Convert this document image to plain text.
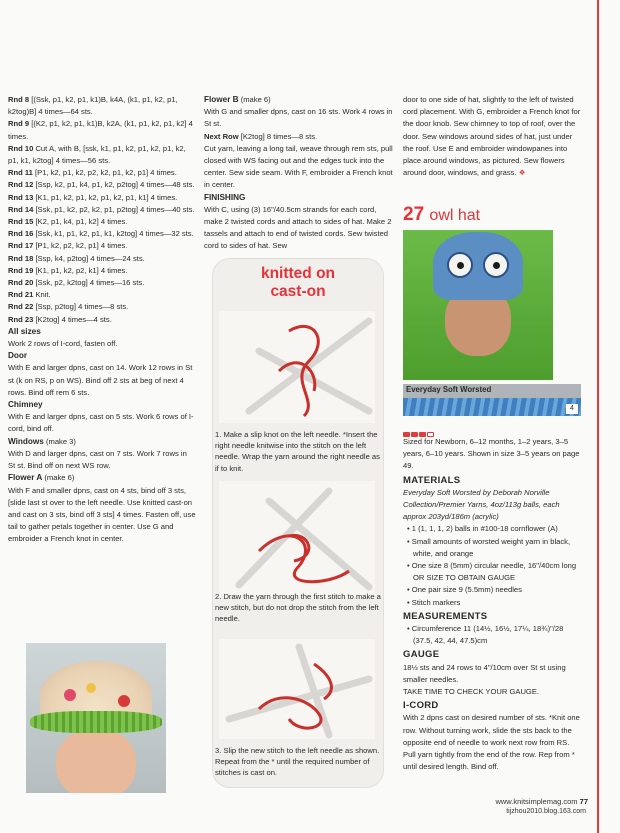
Rnd 8 [(Ssk, p1, k2, p1, k1)B, k4A, (k1, p1, k2, p1, k2tog)B] 4 times—64 sts.

Rnd 9 [(K2, p1, k2, p1, k1)B, k2A, (k1, p1, k2, p1, k2] 4 times.

Rnd 10 Cut A, with B, [ssk, k1, p1, k2, p1, k2, p1, k2, p1, k1, k2tog] 4 times—56 sts.

Rnd 11 [P1, k2, p1, k2, p2, k2, p1, k2, p1] 4 times.

Rnd 12 [Ssp, k2, p1, k4, p1, k2, p2tog] 4 times—48 sts.

Rnd 13 [K1, p1, k2, p1, k2, p1, k2, p1, k1] 4 times.

Rnd 14 [Ssk, p1, k2, p2, k2, p1, p2tog] 4 times—40 sts.

Rnd 15 [K2, p1, k4, p1, k2] 4 times.

Rnd 16 [Ssk, k1, p1, k2, p1, k1, k2tog] 4 times—32 sts.

Rnd 17 [P1, k2, p2, k2, p1] 4 times.

Rnd 18 [Ssp, k4, p2tog] 4 times—24 sts.

Rnd 19 [K1, p1, k2, p2, k1] 4 times.

Rnd 20 [Ssk, p2, k2tog] 4 times—16 sts.

Rnd 21 Knit.

Rnd 22 [Ssp, p2tog] 4 times—8 sts.

Rnd 23 [K2tog] 4 times—4 sts.

All sizes

Work 2 rows of I-cord, fasten off.

Door

With E and larger dpns, cast on 14. Work 12 rows in St st (k on RS, p on WS). Bind off 2 sts at beg of next 4 rows. Bind off rem 6 sts.

Chimney

With E and larger dpns, cast on 5 sts. Work 6 rows of I-cord, bind off.

Windows (make 3)

With D and larger dpns, cast on 7 sts. Work 7 rows in St st. Bind off on next WS row.

Flower A (make 6)

With F and smaller dpns, cast on 4 sts, bind off 3 sts, [slide last st over to the left needle. Use knitted cast-on and cast on 3 sts, bind off 3 sts] 4 times. Fasten off, use tail to gather petals together in center. Use G and embroider a French knot in center.

Flower B (make 6)

With G and smaller dpns, cast on 16 sts. Work 4 rows in St st.

Next Row [K2tog] 8 times—8 sts.

Cut yarn, leaving a long tail, weave through rem sts, pull closed with WS facing out and the edges tuck into the center. Sew side seam. With F, embroider a French knot in center.

FINISHING

With C, using (3) 16"/40.5cm strands for each cord, make 2 twisted cords and attach to sides of hat. Make 2 tassels and attach to end of twisted cords. Sew twisted cord to sides of hat. Sew

knitted on
cast-on
1. Make a slip knot on the left needle. *Insert the right needle knitwise into the stitch on the left needle. Wrap the yarn around the right needle as if to knit.
2. Draw the yarn through the first stitch to make a new stitch, but do not drop the stitch from the left needle.
3. Slip the new stitch to the left needle as shown. Repeat from the * until the required number of stitches is cast on.

door to one side of hat, slightly to the left of twisted cord placement. With G, embroider a French knot for the door knob. Sew chimney to top of roof, over the door. Sew windows around sides of hat, just under the roof. Use E and embroider windowpanes into place around windows, as pictured. Sew flowers around door, windows, and grass. ❖

27 owl hat
Everyday Soft Worsted
4

Sized for Newborn, 6–12 months, 1–2 years, 3–5 years, 6–10 years. Shown in size 3–5 years on page 49.

MATERIALS

Everyday Soft Worsted by Deborah Norville Collection/Premier Yarns, 4oz/113g balls, each approx 203yd/186m (acrylic)

• 1 (1, 1, 1, 2) balls in #100-18 cornflower (A)

• Small amounts of worsted weight yarn in black, white, and orange

• One size 8 (5mm) circular needle, 16"/40cm long OR SIZE TO OBTAIN GAUGE

• One pair size 9 (5.5mm) needles

• Stitch markers

MEASUREMENTS

• Circumference 11 (14½, 16½, 17¼, 18¾)"/28 (37.5, 42, 44, 47.5)cm

GAUGE

18½ sts and 24 rows to 4"/10cm over St st using smaller needles.

TAKE TIME TO CHECK YOUR GAUGE.

I-CORD

With 2 dpns cast on desired number of sts. *Knit one row. Without turning work, slide the sts back to the opposite end of needle to work next row from RS. Pull yarn tightly from the end of the row. Rep from * until desired length. Bind off.

www.knitsimplemag.com 77
tijzhou2010.blog.163.com
